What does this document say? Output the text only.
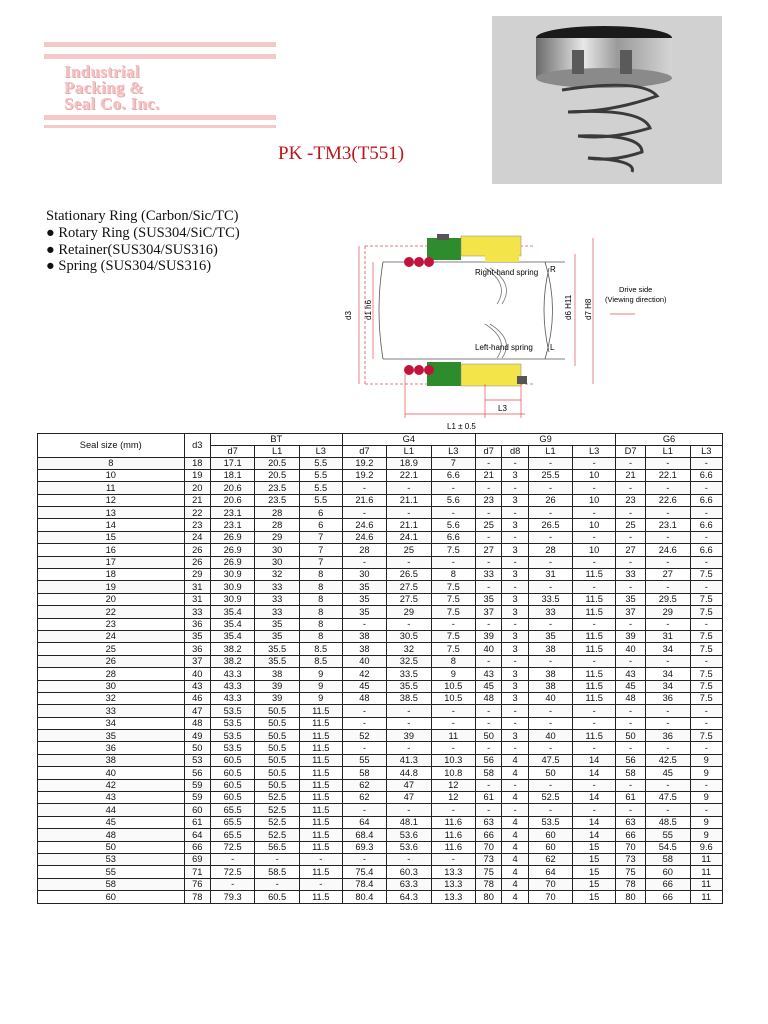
Industrial
Packing &
Seal Co. Inc.
PK -TM3(T551)
Stationary Ring (Carbon/Sic/TC)
● Rotary Ring (SUS304/SiC/TC)
● Retainer(SUS304/SUS316)
● Spring (SUS304/SUS316)	Right-hand spring R
Left-hand spring L
Drive side
(Viewing direction)
d3 d1 h6	d6 H11 d7 H8
L3
L1 ± 0.5
Seal size (mm)	d3	BT			G4			G9				G6		
		d7	L1	L3	d7	L1	L3	d7	d8	L1	L3	D7	L1	L3
8	18	17.1	20.5	5.5	19.2	18.9	7	-	-	-	-	-	-	-
10	19	18.1	20.5	5.5	19.2	22.1	6.6	21	3	25.5	10	21	22.1	6.6
11	20	20.6	23.5	5.5	-	-	-	-	-	-	-	-	-	-
12	21	20.6	23.5	5.5	21.6	21.1	5.6	23	3	26	10	23	22.6	6.6
13	22	23.1	28	6	-	-	-	-	-	-	-	-	-	-
14	23	23.1	28	6	24.6	21.1	5.6	25	3	26.5	10	25	23.1	6.6
15	24	26.9	29	7	24.6	24.1	6.6	-	-	-	-	-	-	-
16	26	26.9	30	7	28	25	7.5	27	3	28	10	27	24.6	6.6
17	26	26.9	30	7	-	-	-	-	-	-	-	-	-	-
18	29	30.9	32	8	30	26.5	8	33	3	31	11.5	33	27	7.5
19	31	30.9	33	8	35	27.5	7.5	-	-	-	-	-	-	-
20	31	30.9	33	8	35	27.5	7.5	35	3	33.5	11.5	35	29.5	7.5
22	33	35.4	33	8	35	29	7.5	37	3	33	11.5	37	29	7.5
23	36	35.4	35	8	-	-	-	-	-	-	-	-	-	-
24	35	35.4	35	8	38	30.5	7.5	39	3	35	11.5	39	31	7.5
25	36	38.2	35.5	8.5	38	32	7.5	40	3	38	11.5	40	34	7.5
26	37	38.2	35.5	8.5	40	32.5	8	-	-	-	-	-	-	-
28	40	43.3	38	9	42	33.5	9	43	3	38	11.5	43	34	7.5
30	43	43.3	39	9	45	35.5	10.5	45	3	38	11.5	45	34	7.5
32	46	43.3	39	9	48	38.5	10.5	48	3	40	11.5	48	36	7.5
33	47	53.5	50.5	11.5	-	-	-	-	-	-	-	-	-	-
34	48	53.5	50.5	11.5	-	-	-	-	-	-	-	-	-	-
35	49	53.5	50.5	11.5	52	39	11	50	3	40	11.5	50	36	7.5
36	50	53.5	50.5	11.5	-	-	-	-	-	-	-	-	-	-
38	53	60.5	50.5	11.5	55	41.3	10.3	56	4	47.5	14	56	42.5	9
40	56	60.5	50.5	11.5	58	44.8	10.8	58	4	50	14	58	45	9
42	59	60.5	50.5	11.5	62	47	12	-	-	-	-	-	-	-
43	59	60.5	52.5	11.5	62	47	12	61	4	52.5	14	61	47.5	9
44	60	65.5	52.5	11.5	-	-	-	-	-	-	-	-	-	-
45	61	65.5	52.5	11.5	64	48.1	11.6	63	4	53.5	14	63	48.5	9
48	64	65.5	52.5	11.5	68.4	53.6	11.6	66	4	60	14	66	55	9
50	66	72.5	56.5	11.5	69.3	53.6	11.6	70	4	60	15	70	54.5	9.6
53	69	-	-	-	-	-	-	73	4	62	15	73	58	11
55	71	72.5	58.5	11.5	75.4	60.3	13.3	75	4	64	15	75	60	11
58	76	-	-	-	78.4	63.3	13.3	78	4	70	15	78	66	11
60	78	79.3	60.5	11.5	80.4	64.3	13.3	80	4	70	15	80	66	11
